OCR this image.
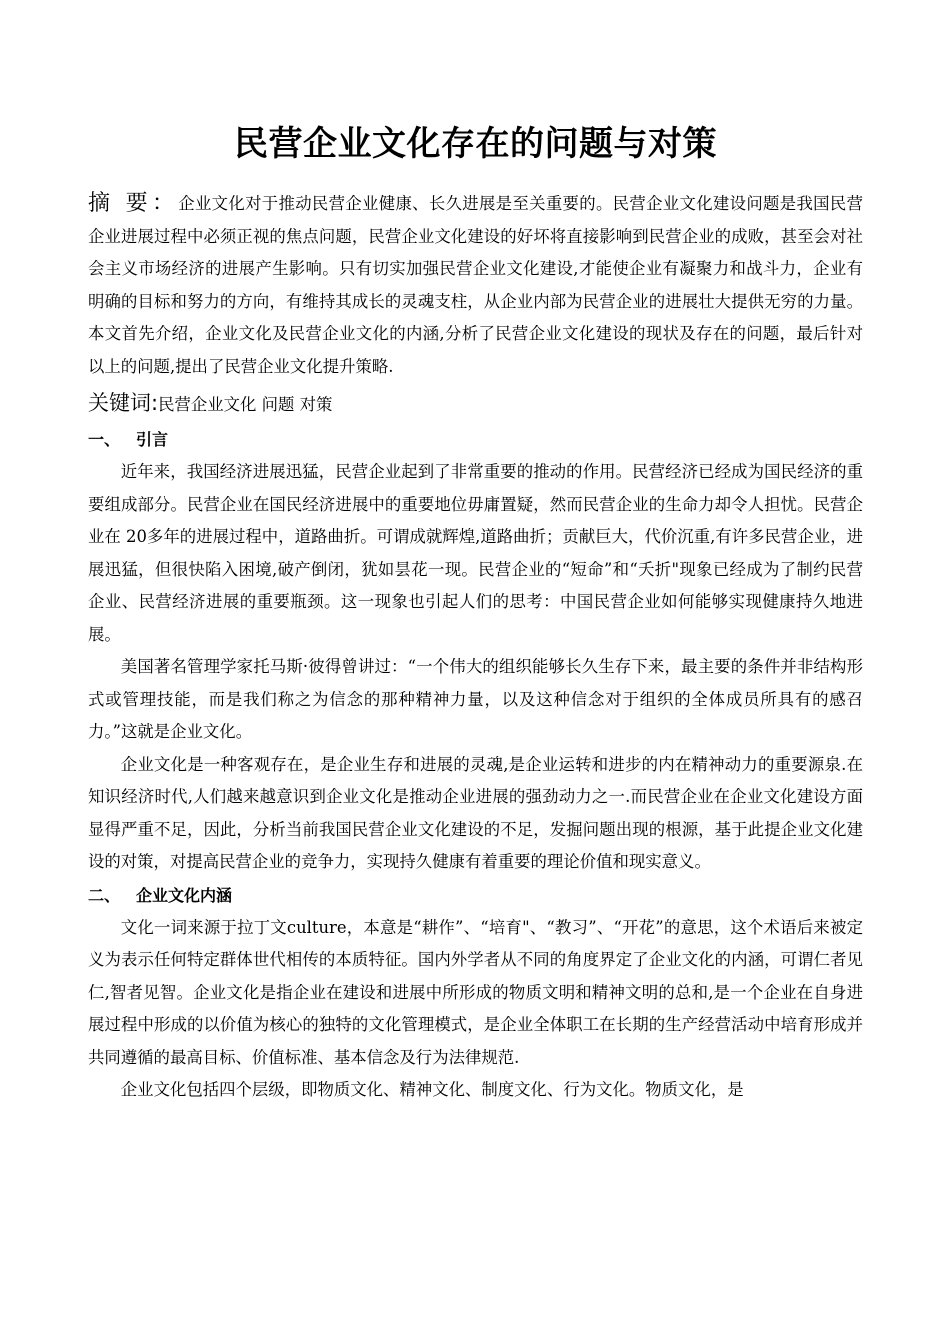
民营企业文化存在的问题与对策

摘 要：企业文化对于推动民营企业健康、长久进展是至关重要的。民营企业文化建设问题是我国民营企业进展过程中必须正视的焦点问题，民营企业文化建设的好坏将直接影响到民营企业的成败，甚至会对社会主义市场经济的进展产生影响。只有切实加强民营企业文化建设,才能使企业有凝聚力和战斗力，企业有明确的目标和努力的方向，有维持其成长的灵魂支柱，从企业内部为民营企业的进展壮大提供无穷的力量。本文首先介绍，企业文化及民营企业文化的内涵,分析了民营企业文化建设的现状及存在的问题，最后针对以上的问题,提出了民营企业文化提升策略.

关键词:民营企业文化 问题 对策

一、 引言

近年来，我国经济进展迅猛，民营企业起到了非常重要的推动的作用。民营经济已经成为国民经济的重要组成部分。民营企业在国民经济进展中的重要地位毋庸置疑，然而民营企业的生命力却令人担忧。民营企业在 20多年的进展过程中，道路曲折。可谓成就辉煌,道路曲折；贡献巨大，代价沉重,有许多民营企业，进展迅猛，但很快陷入困境,破产倒闭，犹如昙花一现。民营企业的“短命”和“夭折"现象已经成为了制约民营企业、民营经济进展的重要瓶颈。这一现象也引起人们的思考：中国民营企业如何能够实现健康持久地进展。

美国著名管理学家托马斯·彼得曾讲过：“一个伟大的组织能够长久生存下来，最主要的条件并非结构形式或管理技能，而是我们称之为信念的那种精神力量，以及这种信念对于组织的全体成员所具有的感召力。”这就是企业文化。

企业文化是一种客观存在，是企业生存和进展的灵魂,是企业运转和进步的内在精神动力的重要源泉.在知识经济时代,人们越来越意识到企业文化是推动企业进展的强劲动力之一.而民营企业在企业文化建设方面显得严重不足，因此，分析当前我国民营企业文化建设的不足，发掘问题出现的根源，基于此提企业文化建设的对策，对提高民营企业的竞争力，实现持久健康有着重要的理论价值和现实意义。

二、 企业文化内涵

文化一词来源于拉丁文culture，本意是“耕作”、“培育"、“教习”、“开花”的意思，这个术语后来被定义为表示任何特定群体世代相传的本质特征。国内外学者从不同的角度界定了企业文化的内涵，可谓仁者见仁,智者见智。企业文化是指企业在建设和进展中所形成的物质文明和精神文明的总和,是一个企业在自身进展过程中形成的以价值为核心的独特的文化管理模式，是企业全体职工在长期的生产经营活动中培育形成并共同遵循的最高目标、价值标准、基本信念及行为法律规范.

企业文化包括四个层级，即物质文化、精神文化、制度文化、行为文化。物质文化，是
